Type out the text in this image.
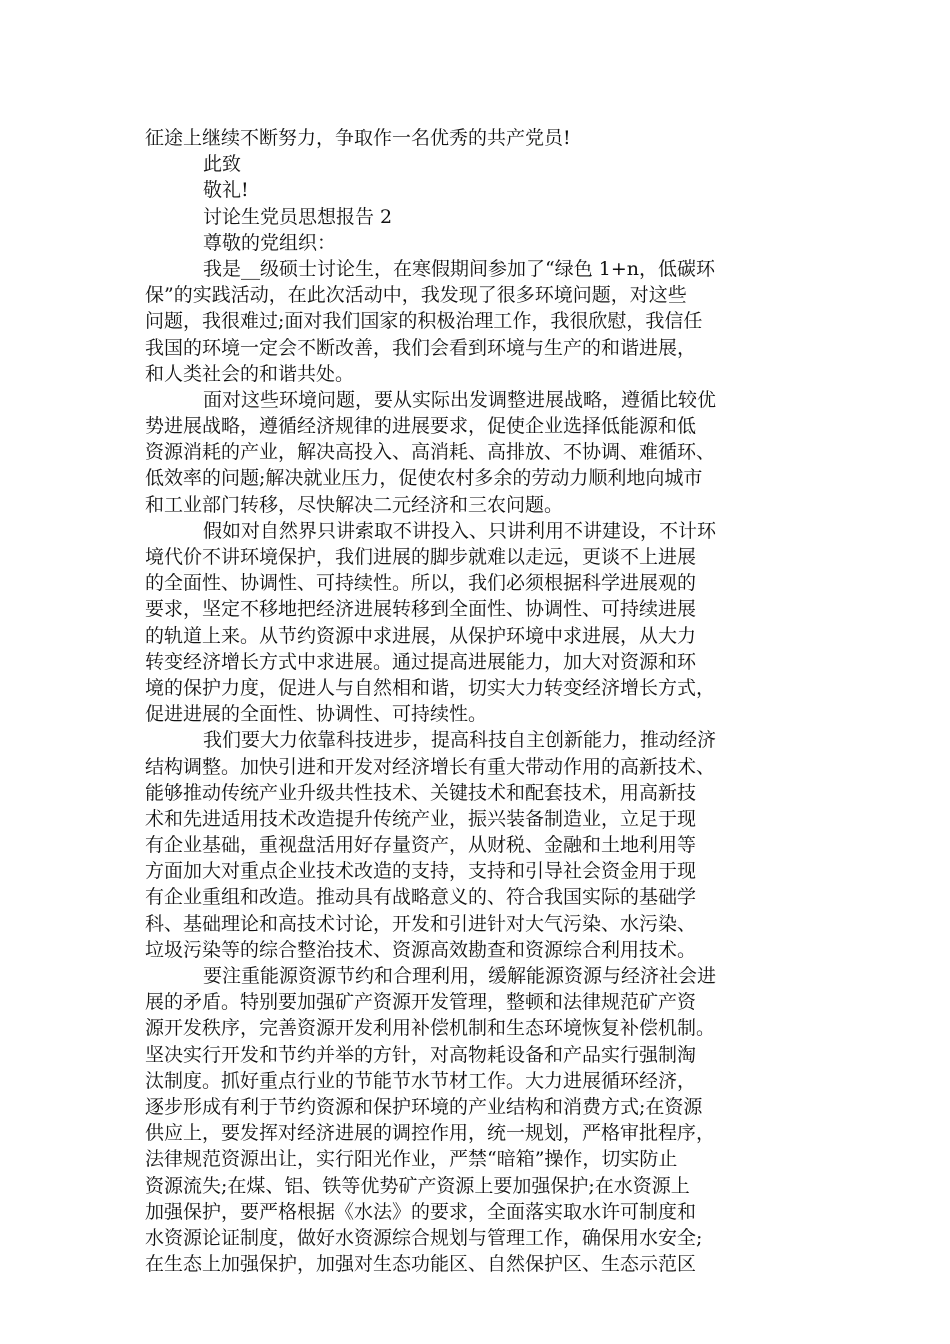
征途上继续不断努力，争取作一名优秀的共产党员!

此致

敬礼!

讨论生党员思想报告 2

尊敬的党组织：

我是__级硕士讨论生，在寒假期间参加了“绿色 1+n，低碳环

保”的实践活动，在此次活动中，我发现了很多环境问题，对这些

问题，我很难过;面对我们国家的积极治理工作，我很欣慰，我信任

我国的环境一定会不断改善，我们会看到环境与生产的和谐进展，

和人类社会的和谐共处。

面对这些环境问题，要从实际出发调整进展战略，遵循比较优

势进展战略，遵循经济规律的进展要求，促使企业选择低能源和低

资源消耗的产业，解决高投入、高消耗、高排放、不协调、难循环、

低效率的问题;解决就业压力，促使农村多余的劳动力顺利地向城市

和工业部门转移，尽快解决二元经济和三农问题。

假如对自然界只讲索取不讲投入、只讲利用不讲建设，不计环

境代价不讲环境保护，我们进展的脚步就难以走远，更谈不上进展

的全面性、协调性、可持续性。所以，我们必须根据科学进展观的

要求，坚定不移地把经济进展转移到全面性、协调性、可持续进展

的轨道上来。从节约资源中求进展，从保护环境中求进展，从大力

转变经济增长方式中求进展。通过提高进展能力，加大对资源和环

境的保护力度，促进人与自然相和谐，切实大力转变经济增长方式，

促进进展的全面性、协调性、可持续性。

我们要大力依靠科技进步，提高科技自主创新能力，推动经济

结构调整。加快引进和开发对经济增长有重大带动作用的高新技术、

能够推动传统产业升级共性技术、关键技术和配套技术，用高新技

术和先进适用技术改造提升传统产业，振兴装备制造业，立足于现

有企业基础，重视盘活用好存量资产，从财税、金融和土地利用等

方面加大对重点企业技术改造的支持，支持和引导社会资金用于现

有企业重组和改造。推动具有战略意义的、符合我国实际的基础学

科、基础理论和高技术讨论，开发和引进针对大气污染、水污染、

垃圾污染等的综合整治技术、资源高效勘查和资源综合利用技术。

要注重能源资源节约和合理利用，缓解能源资源与经济社会进

展的矛盾。特别要加强矿产资源开发管理，整顿和法律规范矿产资

源开发秩序，完善资源开发利用补偿机制和生态环境恢复补偿机制。

坚决实行开发和节约并举的方针，对高物耗设备和产品实行强制淘

汰制度。抓好重点行业的节能节水节材工作。大力进展循环经济，

逐步形成有利于节约资源和保护环境的产业结构和消费方式;在资源

供应上，要发挥对经济进展的调控作用，统一规划，严格审批程序，

法律规范资源出让，实行阳光作业，严禁“暗箱”操作，切实防止

资源流失;在煤、铝、铁等优势矿产资源上要加强保护;在水资源上

加强保护，要严格根据《水法》的要求，全面落实取水许可制度和

水资源论证制度，做好水资源综合规划与管理工作，确保用水安全;

在生态上加强保护，加强对生态功能区、自然保护区、生态示范区
